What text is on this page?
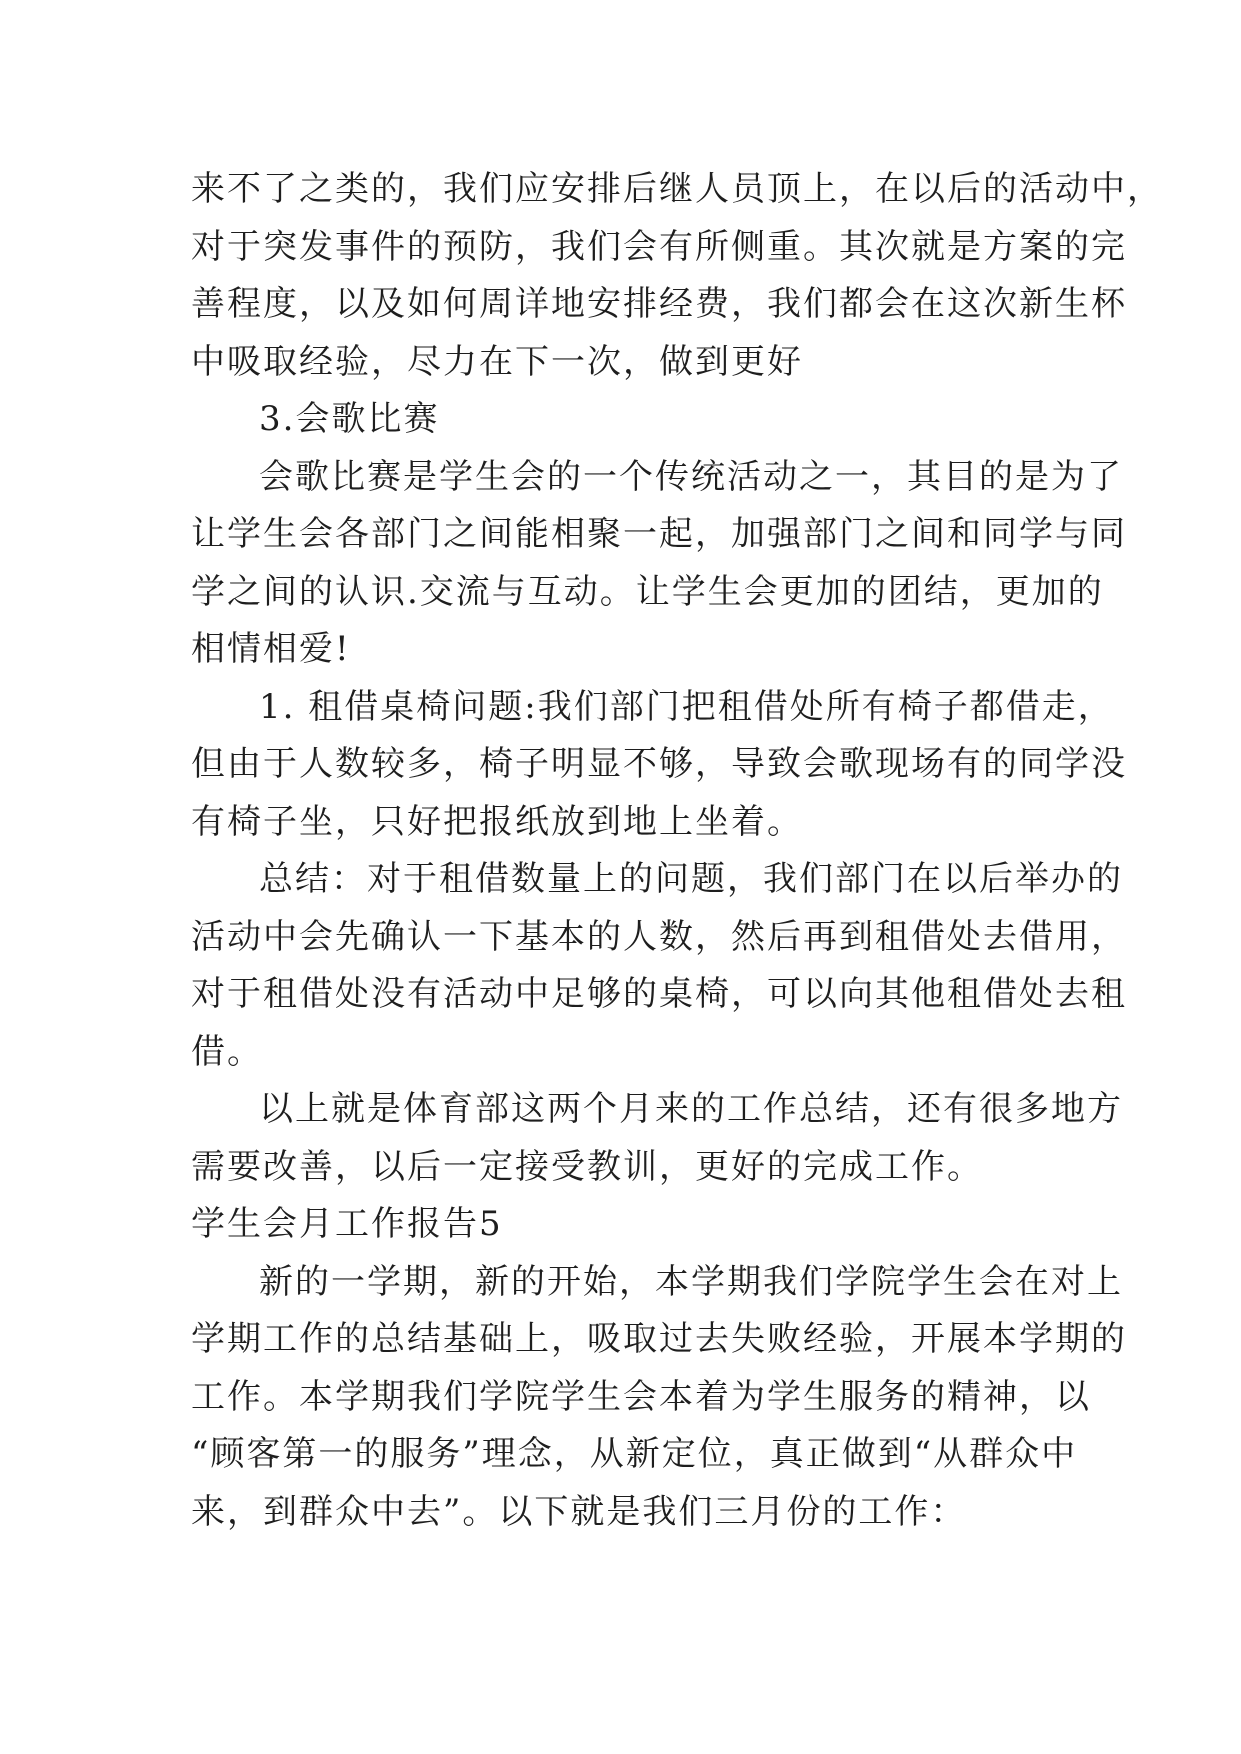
来不了之类的，我们应安排后继人员顶上，在以后的活动中，
对于突发事件的预防，我们会有所侧重。其次就是方案的完
善程度，以及如何周详地安排经费，我们都会在这次新生杯
中吸取经验，尽力在下一次，做到更好

3.会歌比赛

会歌比赛是学生会的一个传统活动之一，其目的是为了
让学生会各部门之间能相聚一起，加强部门之间和同学与同
学之间的认识.交流与互动。让学生会更加的团结，更加的
相情相爱!

1. 租借桌椅问题:我们部门把租借处所有椅子都借走，
但由于人数较多，椅子明显不够，导致会歌现场有的同学没
有椅子坐，只好把报纸放到地上坐着。

总结：对于租借数量上的问题，我们部门在以后举办的
活动中会先确认一下基本的人数，然后再到租借处去借用，
对于租借处没有活动中足够的桌椅，可以向其他租借处去租
借。

以上就是体育部这两个月来的工作总结，还有很多地方
需要改善，以后一定接受教训，更好的完成工作。

学生会月工作报告5

新的一学期，新的开始，本学期我们学院学生会在对上
学期工作的总结基础上，吸取过去失败经验，开展本学期的
工作。本学期我们学院学生会本着为学生服务的精神，以
“顾客第一的服务”理念，从新定位，真正做到“从群众中
来，到群众中去”。以下就是我们三月份的工作：
